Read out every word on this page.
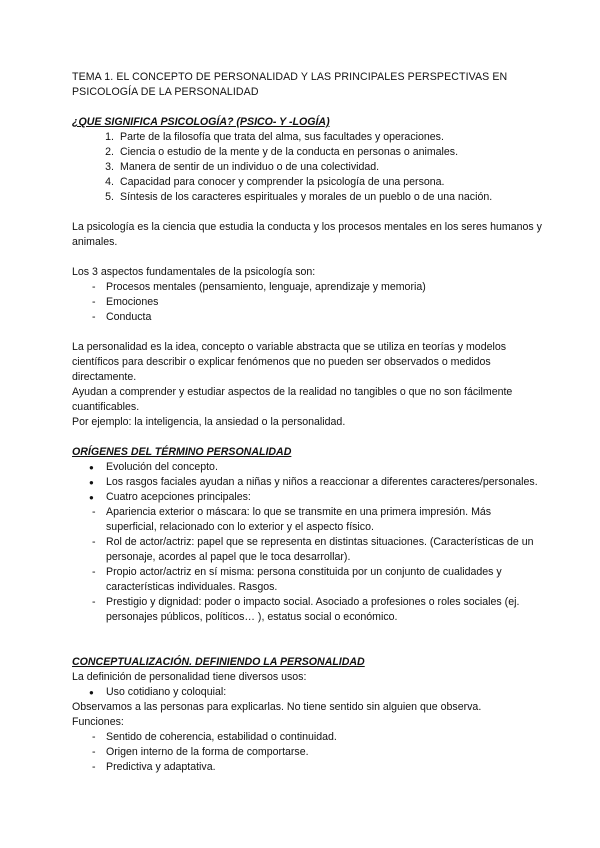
TEMA 1. EL CONCEPTO DE PERSONALIDAD Y LAS PRINCIPALES PERSPECTIVAS EN PSICOLOGÍA DE LA PERSONALIDAD

¿QUE SIGNIFICA PSICOLOGÍA? (PSICO- Y -LOGÍA)

1. Parte de la filosofía que trata del alma, sus facultades y operaciones.
2. Ciencia o estudio de la mente y de la conducta en personas o animales.
3. Manera de sentir de un individuo o de una colectividad.
4. Capacidad para conocer y comprender la psicología de una persona.
5. Síntesis de los caracteres espirituales y morales de un pueblo o de una nación.

La psicología es la ciencia que estudia la conducta y los procesos mentales en los seres humanos y animales.

Los 3 aspectos fundamentales de la psicología son:

- Procesos mentales (pensamiento, lenguaje, aprendizaje y memoria)
- Emociones
- Conducta

La personalidad es la idea, concepto o variable abstracta que se utiliza en teorías y modelos científicos para describir o explicar fenómenos que no pueden ser observados o medidos directamente.

Ayudan a comprender y estudiar aspectos de la realidad no tangibles o que no son fácilmente cuantificables.

Por ejemplo: la inteligencia, la ansiedad o la personalidad.

ORÍGENES DEL TÉRMINO PERSONALIDAD

●	Evolución del concepto.
●	Los rasgos faciales ayudan a niñas y niños a reaccionar a diferentes caracteres/personales.
●	Cuatro acepciones principales:
- Apariencia exterior o máscara: lo que se transmite en una primera impresión. Más superficial, relacionado con lo exterior y el aspecto físico.
- Rol de actor/actriz: papel que se representa en distintas situaciones. (Características de un personaje, acordes al papel que le toca desarrollar).
- Propio actor/actriz en sí misma: persona constituida por un conjunto de cualidades y características individuales. Rasgos.
- Prestigio y dignidad: poder o impacto social. Asociado a profesiones o roles sociales (ej. personajes públicos, políticos… ), estatus social o económico.

CONCEPTUALIZACIÓN. DEFINIENDO LA PERSONALIDAD

La definición de personalidad tiene diversos usos:

●	Uso cotidiano y coloquial:

Observamos a las personas para explicarlas. No tiene sentido sin alguien que observa.

Funciones:

- Sentido de coherencia, estabilidad o continuidad.
- Origen interno de la forma de comportarse.
- Predictiva y adaptativa.
